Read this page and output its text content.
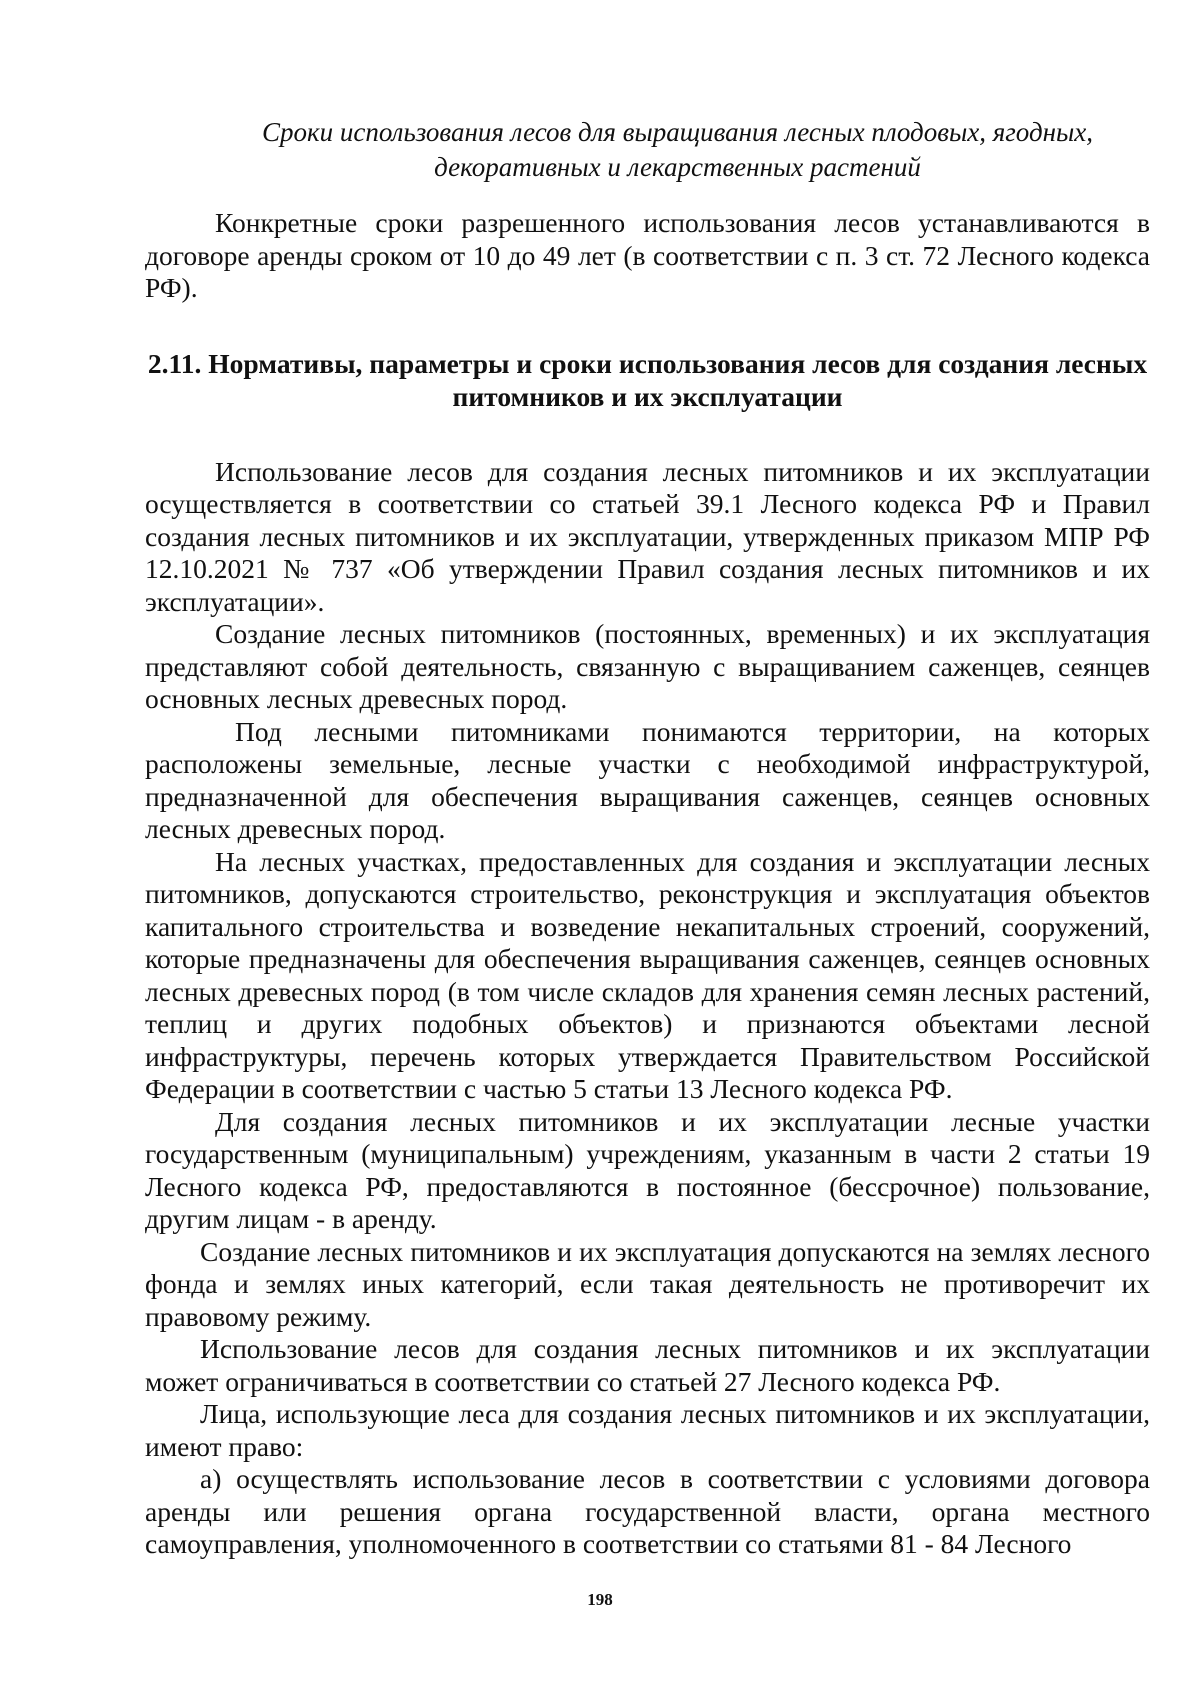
Сроки использования лесов для выращивания лесных плодовых, ягодных, декоративных и лекарственных растений

Конкретные сроки разрешенного использования лесов устанавливаются в договоре аренды сроком от 10 до 49 лет (в соответствии с п. 3 ст. 72 Лесного кодекса РФ).

2.11. Нормативы, параметры и сроки использования лесов для создания лесных питомников и их эксплуатации

Использование лесов для создания лесных питомников и их эксплуатации осуществляется в соответствии со статьей 39.1 Лесного кодекса РФ и Правил создания лесных питомников и их эксплуатации, утвержденных приказом МПР РФ 12.10.2021 № 737 «Об утверждении Правил создания лесных питомников и их эксплуатации».

Создание лесных питомников (постоянных, временных) и их эксплуатация представляют собой деятельность, связанную с выращиванием саженцев, сеянцев основных лесных древесных пород.

Под лесными питомниками понимаются территории, на которых расположены земельные, лесные участки с необходимой инфраструктурой, предназначенной для обеспечения выращивания саженцев, сеянцев основных лесных древесных пород.

На лесных участках, предоставленных для создания и эксплуатации лесных питомников, допускаются строительство, реконструкция и эксплуатация объектов капитального строительства и возведение некапитальных строений, сооружений, которые предназначены для обеспечения выращивания саженцев, сеянцев основных лесных древесных пород (в том числе складов для хранения семян лесных растений, теплиц и других подобных объектов) и признаются объектами лесной инфраструктуры, перечень которых утверждается Правительством Российской Федерации в соответствии с частью 5 статьи 13 Лесного кодекса РФ.

Для создания лесных питомников и их эксплуатации лесные участки государственным (муниципальным) учреждениям, указанным в части 2 статьи 19 Лесного кодекса РФ, предоставляются в постоянное (бессрочное) пользование, другим лицам - в аренду.

Создание лесных питомников и их эксплуатация допускаются на землях лесного фонда и землях иных категорий, если такая деятельность не противоречит их правовому режиму.

Использование лесов для создания лесных питомников и их эксплуатации может ограничиваться в соответствии со статьей 27 Лесного кодекса РФ.

Лица, использующие леса для создания лесных питомников и их эксплуатации, имеют право:

а) осуществлять использование лесов в соответствии с условиями договора аренды или решения органа государственной власти, органа местного самоуправления, уполномоченного в соответствии со статьями 81 - 84 Лесного

198
